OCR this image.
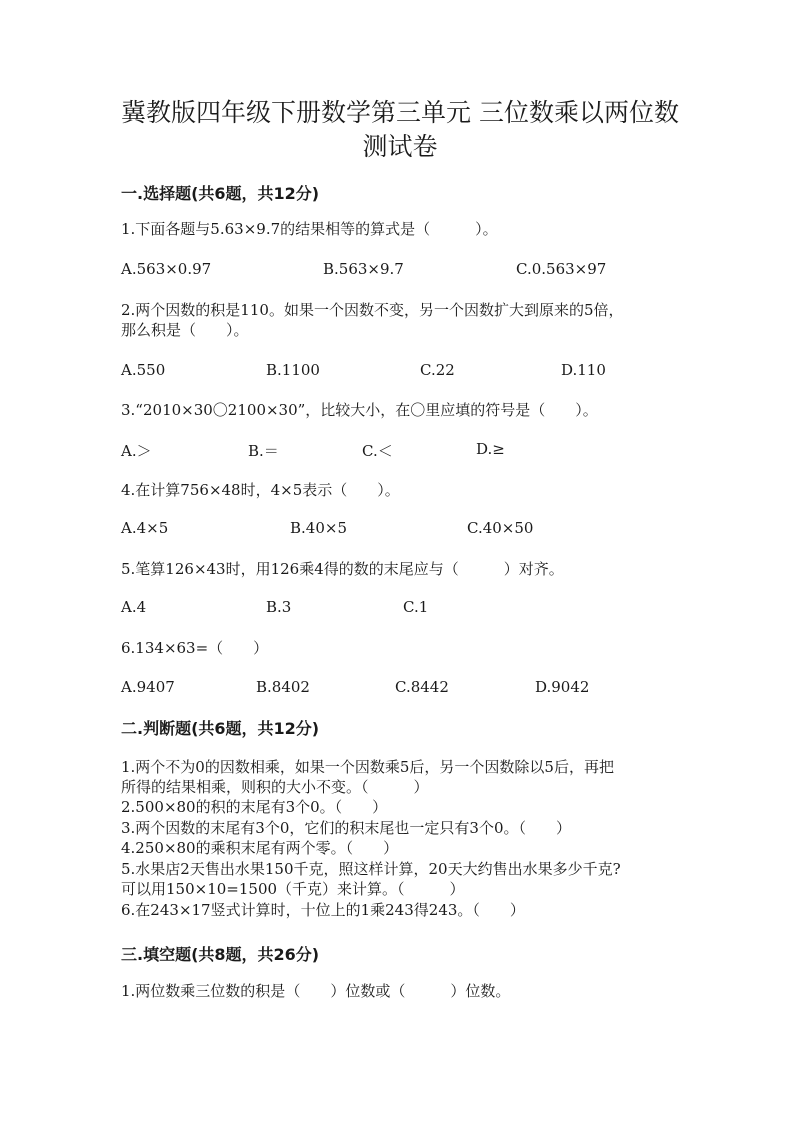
冀教版四年级下册数学第三单元 三位数乘以两位数
测试卷
一.选择题(共6题，共12分)
1.下面各题与5.63×9.7的结果相等的算式是（　　　）。
A.563×0.97	B.563×9.7	C.0.563×97
2.两个因数的积是110。如果一个因数不变，另一个因数扩大到原来的5倍，
那么积是（　　）。
A.550	B.1100	C.22	D.110
3.“2010×30〇2100×30”，比较大小，在〇里应填的符号是（　　）。
A.＞	B.＝	C.＜	D.≥
4.在计算756×48时，4×5表示（　　）。
A.4×5	B.40×5	C.40×50
5.笔算126×43时，用126乘4得的数的末尾应与（　　　）对齐。
A.4	B.3	C.1
6.134×63=（　　）
A.9407	B.8402	C.8442	D.9042
二.判断题(共6题，共12分)
1.两个不为0的因数相乘，如果一个因数乘5后，另一个因数除以5后，再把
所得的结果相乘，则积的大小不变。（　　　）
2.500×80的积的末尾有3个0。（　　）
3.两个因数的末尾有3个0，它们的积末尾也一定只有3个0。（　　）
4.250×80的乘积末尾有两个零。（　　）
5.水果店2天售出水果150千克，照这样计算，20天大约售出水果多少千克?
可以用150×10=1500（千克）来计算。（　　　）
6.在243×17竖式计算时，十位上的1乘243得243。（　　）
三.填空题(共8题，共26分)
1.两位数乘三位数的积是（　　）位数或（　　　）位数。
